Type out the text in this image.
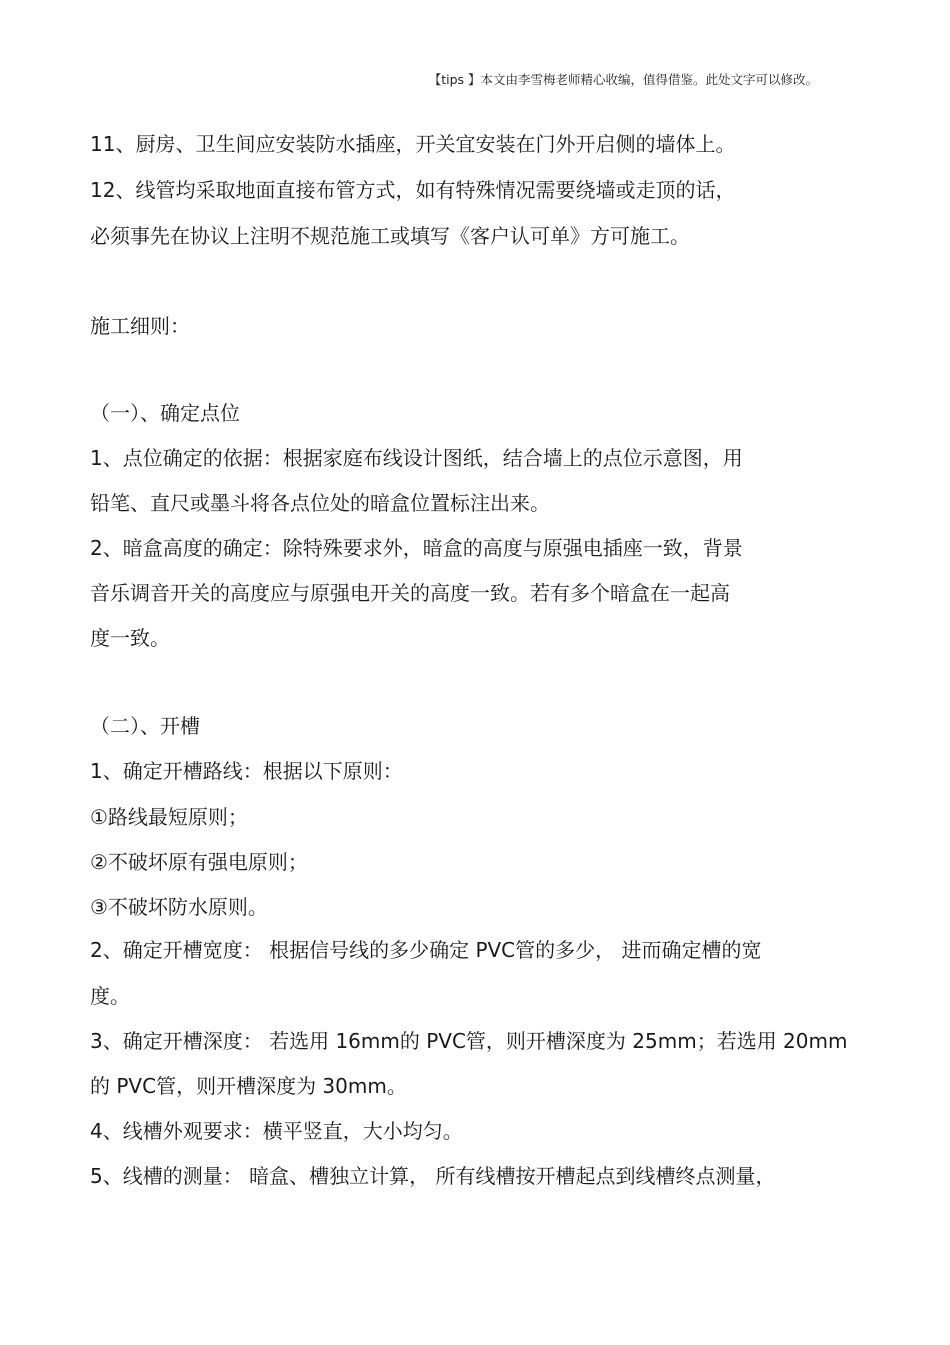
【tips 】本文由李雪梅老师精心收编，值得借鉴。此处文字可以修改。
11、厨房、卫生间应安装防水插座，开关宜安装在门外开启侧的墙体上。
12、线管均采取地面直接布管方式，如有特殊情况需要绕墙或走顶的话，
必须事先在协议上注明不规范施工或填写《客户认可单》方可施工。
施工细则：
（一）、确定点位
1、点位确定的依据：根据家庭布线设计图纸，结合墙上的点位示意图，用
铅笔、直尺或墨斗将各点位处的暗盒位置标注出来。
2、暗盒高度的确定：除特殊要求外，暗盒的高度与原强电插座一致，背景
音乐调音开关的高度应与原强电开关的高度一致。若有多个暗盒在一起高
度一致。
（二）、开槽
1、确定开槽路线：根据以下原则：
①路线最短原则；
②不破坏原有强电原则；
③不破坏防水原则。
2、确定开槽宽度： 根据信号线的多少确定 PVC管的多少， 进而确定槽的宽
度。
3、确定开槽深度： 若选用 16mm的 PVC管，则开槽深度为 25mm；若选用 20mm
的 PVC管，则开槽深度为 30mm。
4、线槽外观要求：横平竖直，大小均匀。
5、线槽的测量： 暗盒、槽独立计算， 所有线槽按开槽起点到线槽终点测量，
